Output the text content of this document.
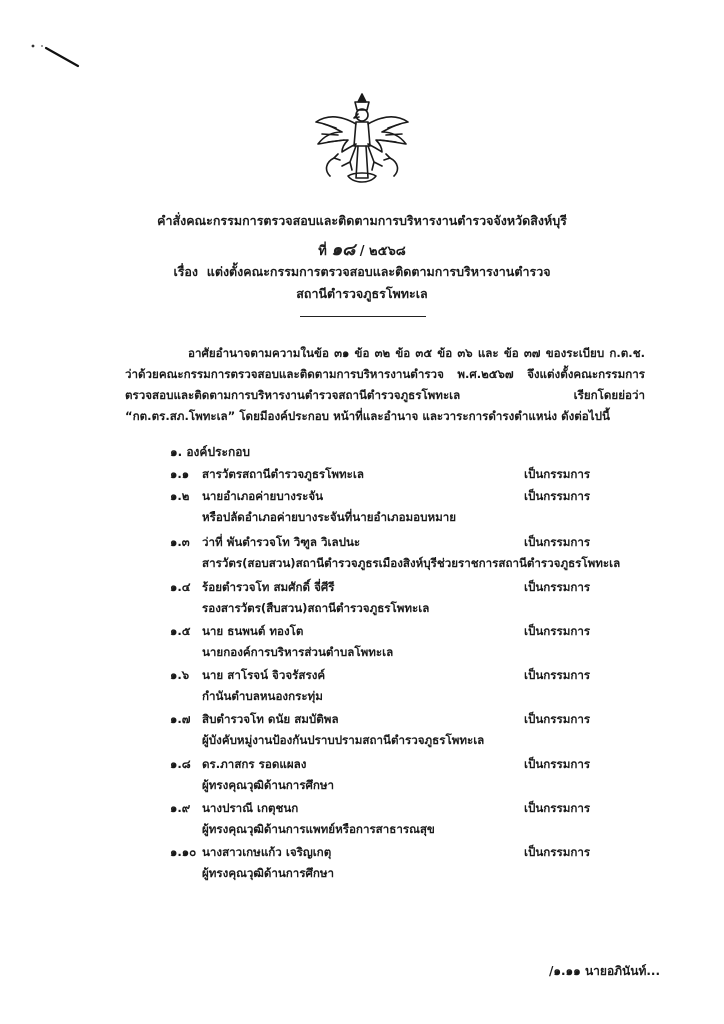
คำสั่งคณะกรรมการตรวจสอบและติดตามการบริหารงานตำรวจจังหวัดสิงห์บุรี
ที่ ๑๘ / ๒๕๖๘
เรื่อง แต่งตั้งคณะกรรมการตรวจสอบและติดตามการบริหารงานตำรวจ
สถานีตำรวจภูธรโพทะเล

อาศัยอำนาจตามความในข้อ ๓๑ ข้อ ๓๒ ข้อ ๓๕ ข้อ ๓๖ และ ข้อ ๓๗ ของระเบียบ ก.ต.ช. ว่าด้วยคณะกรรมการตรวจสอบและติดตามการบริหารงานตำรวจ พ.ศ.๒๕๖๗ จึงแต่งตั้งคณะกรรมการตรวจสอบและติดตามการบริหารงานตำรวจสถานีตำรวจภูธรโพทะเล เรียกโดยย่อว่า “กต.ตร.สภ.โพทะเล” โดยมีองค์ประกอบ หน้าที่และอำนาจ และวาระการดำรงตำแหน่ง ดังต่อไปนี้

๑. องค์ประกอบ
๑.๑ สารวัตรสถานีตำรวจภูธรโพทะเล	เป็นกรรมการ
๑.๒ นายอำเภอค่ายบางระจัน	เป็นกรรมการ
หรือปลัดอำเภอค่ายบางระจันที่นายอำเภอมอบหมาย
๑.๓ ว่าที่ พันตำรวจโท วิฑูล วิเลปนะ	เป็นกรรมการ
สารวัตร(สอบสวน)สถานีตำรวจภูธรเมืองสิงห์บุรีช่วยราชการสถานีตำรวจภูธรโพทะเล
๑.๔ ร้อยตำรวจโท สมศักดิ์ จี่ศีรี	เป็นกรรมการ
รองสารวัตร(สืบสวน)สถานีตำรวจภูธรโพทะเล
๑.๕ นาย ธนพนต์ ทองโต	เป็นกรรมการ
นายกองค์การบริหารส่วนตำบลโพทะเล
๑.๖ นาย สาโรจน์ จิวจรัสรงค์	เป็นกรรมการ
กำนันตำบลหนองกระทุ่ม
๑.๗ สิบตำรวจโท ดนัย สมบัติพล	เป็นกรรมการ
ผู้บังคับหมู่งานป้องกันปราบปรามสถานีตำรวจภูธรโพทะเล
๑.๘ ดร.ภาสกร รอดแผลง	เป็นกรรมการ
ผู้ทรงคุณวุฒิด้านการศึกษา
๑.๙ นางปราณี เกตุชนก	เป็นกรรมการ
ผู้ทรงคุณวุฒิด้านการแพทย์หรือการสาธารณสุข
๑.๑๐ นางสาวเกษแก้ว เจริญเกตุ	เป็นกรรมการ
ผู้ทรงคุณวุฒิด้านการศึกษา
/๑.๑๑ นายอภินันท์...
